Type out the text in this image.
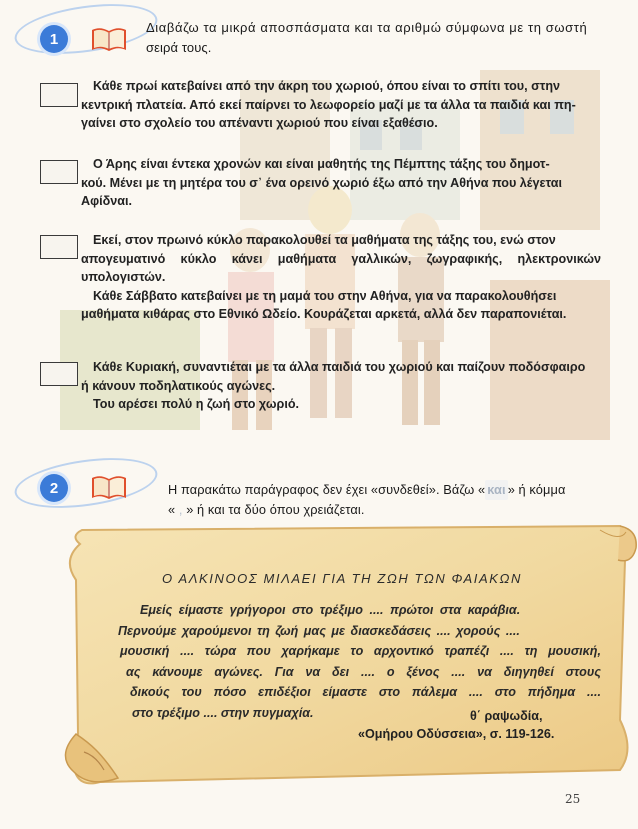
1
Διαβάζω τα μικρά αποσπάσματα και τα αριθμώ σύμφωνα με τη σωστή
σειρά τους.

Κάθε πρωί κατεβαίνει από την άκρη του χωριού, όπου είναι το σπίτι του, στην

κεντρική πλατεία. Από εκεί παίρνει το λεωφορείο μαζί με τα άλλα τα παιδιά και πη-
γαίνει στο σχολείο του απέναντι χωριού που είναι εξαθέσιο.

Ο Άρης είναι έντεκα χρονών και είναι μαθητής της Πέμπτης τάξης του δημοτ-

κού. Μένει με τη μητέρα του σ᾽ ένα ορεινό χωριό έξω από την Αθήνα που λέγεται
Αφίδναι.

Εκεί, στον πρωινό κύκλο παρακολουθεί τα μαθήματα της τάξης του, ενώ στον

απογευματινό κύκλο κάνει μαθήματα γαλλικών, ζωγραφικής, ηλεκτρονικών
υπολογιστών.

Κάθε Σάββατο κατεβαίνει με τη μαμά του στην Αθήνα, για να παρακολουθήσει

μαθήματα κιθάρας στο Εθνικό Ωδείο. Κουράζεται αρκετά, αλλά δεν παραπονιέται.

Κάθε Κυριακή, συναντιέται με τα άλλα παιδιά του χωριού και παίζουν ποδόσφαιρο

ή κάνουν ποδηλατικούς αγώνες.

Του αρέσει πολύ η ζωή στο χωριό.

2	Η παρακάτω παράγραφος δεν έχει «συνδεθεί». Βάζω « και » ή κόμμα
« , » ή και τα δύο όπου χρειάζεται.
Ο ΑΛΚΙΝΟΟΣ ΜΙΛΑΕΙ ΓΙΑ ΤΗ ΖΩΗ ΤΩΝ ΦΑΙΑΚΩΝ
Εμείς είμαστε γρήγοροι στο τρέξιμο .... πρώτοι στα καράβια.
Περνούμε χαρούμενοι τη ζωή μας με διασκεδάσεις .... χορούς ....
μουσική .... τώρα που χαρήκαμε το αρχοντικό τραπέζι .... τη μουσική,
ας κάνουμε αγώνες. Για να δει .... ο ξένος .... να διηγηθεί στους
δικούς του πόσο επιδέξιοι είμαστε στο πάλεμα .... στο πήδημα ....
στο τρέξιμο .... στην πυγμαχία.	θ΄ ραψωδία,
«Ομήρου Οδύσσεια», σ. 119-126.
25
